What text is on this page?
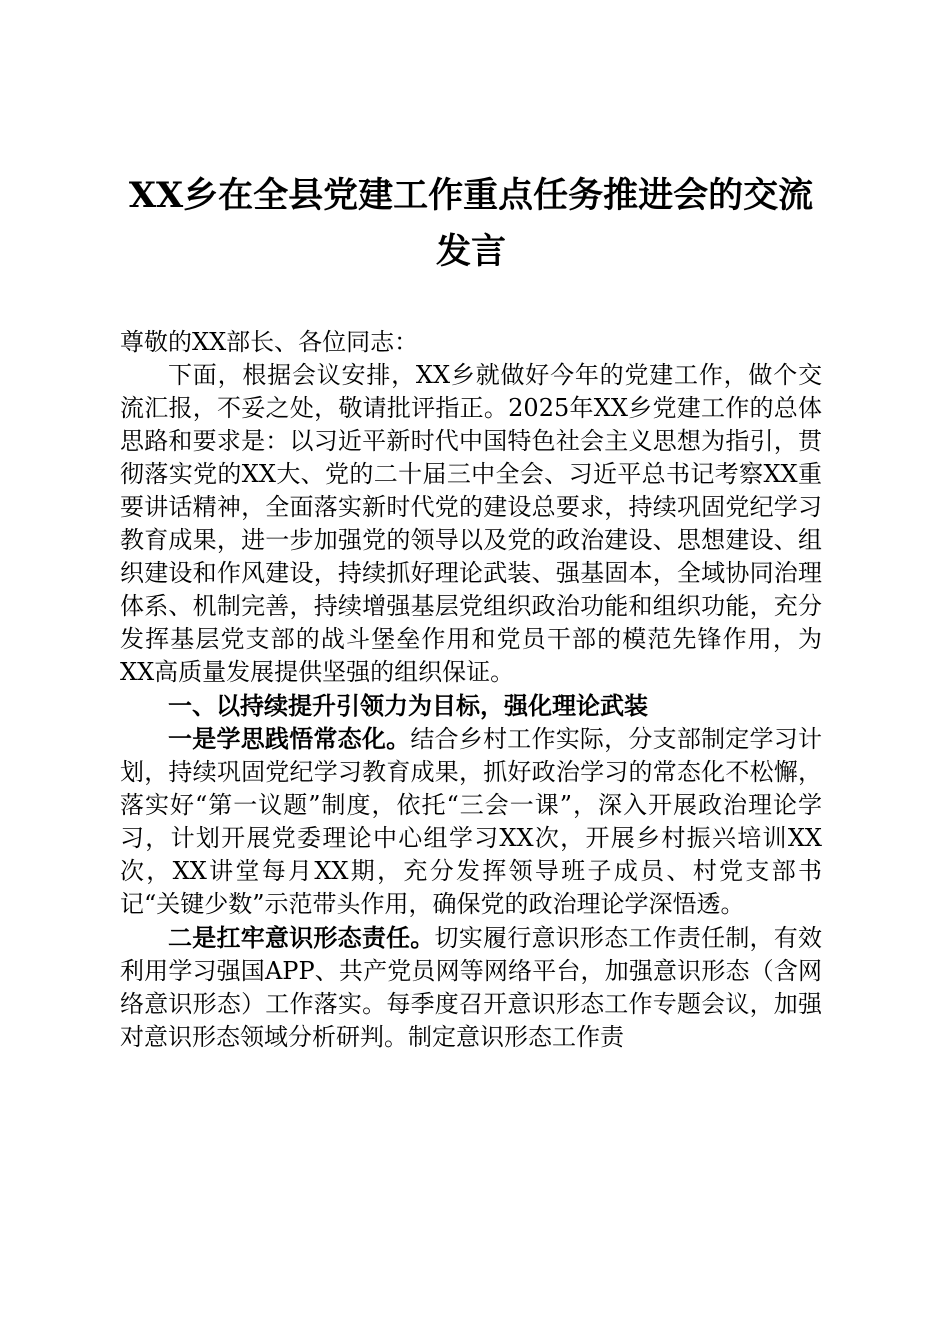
XX乡在全县党建工作重点任务推进会的交流
发言

尊敬的XX部长、各位同志：

下面，根据会议安排，XX乡就做好今年的党建工作，做个交流汇报，不妥之处，敬请批评指正。2025年XX乡党建工作的总体思路和要求是：以习近平新时代中国特色社会主义思想为指引，贯彻落实党的XX大、党的二十届三中全会、习近平总书记考察XX重要讲话精神，全面落实新时代党的建设总要求，持续巩固党纪学习教育成果，进一步加强党的领导以及党的政治建设、思想建设、组织建设和作风建设，持续抓好理论武装、强基固本，全域协同治理体系、机制完善，持续增强基层党组织政治功能和组织功能，充分发挥基层党支部的战斗堡垒作用和党员干部的模范先锋作用，为XX高质量发展提供坚强的组织保证。

一、以持续提升引领力为目标，强化理论武装

一是学思践悟常态化。结合乡村工作实际，分支部制定学习计划，持续巩固党纪学习教育成果，抓好政治学习的常态化不松懈，落实好“第一议题”制度，依托“三会一课”，深入开展政治理论学习，计划开展党委理论中心组学习XX次，开展乡村振兴培训XX次，XX讲堂每月XX期，充分发挥领导班子成员、村党支部书记“关键少数”示范带头作用，确保党的政治理论学深悟透。

二是扛牢意识形态责任。切实履行意识形态工作责任制，有效利用学习强国APP、共产党员网等网络平台，加强意识形态（含网络意识形态）工作落实。每季度召开意识形态工作专题会议，加强对意识形态领域分析研判。制定意识形态工作责
